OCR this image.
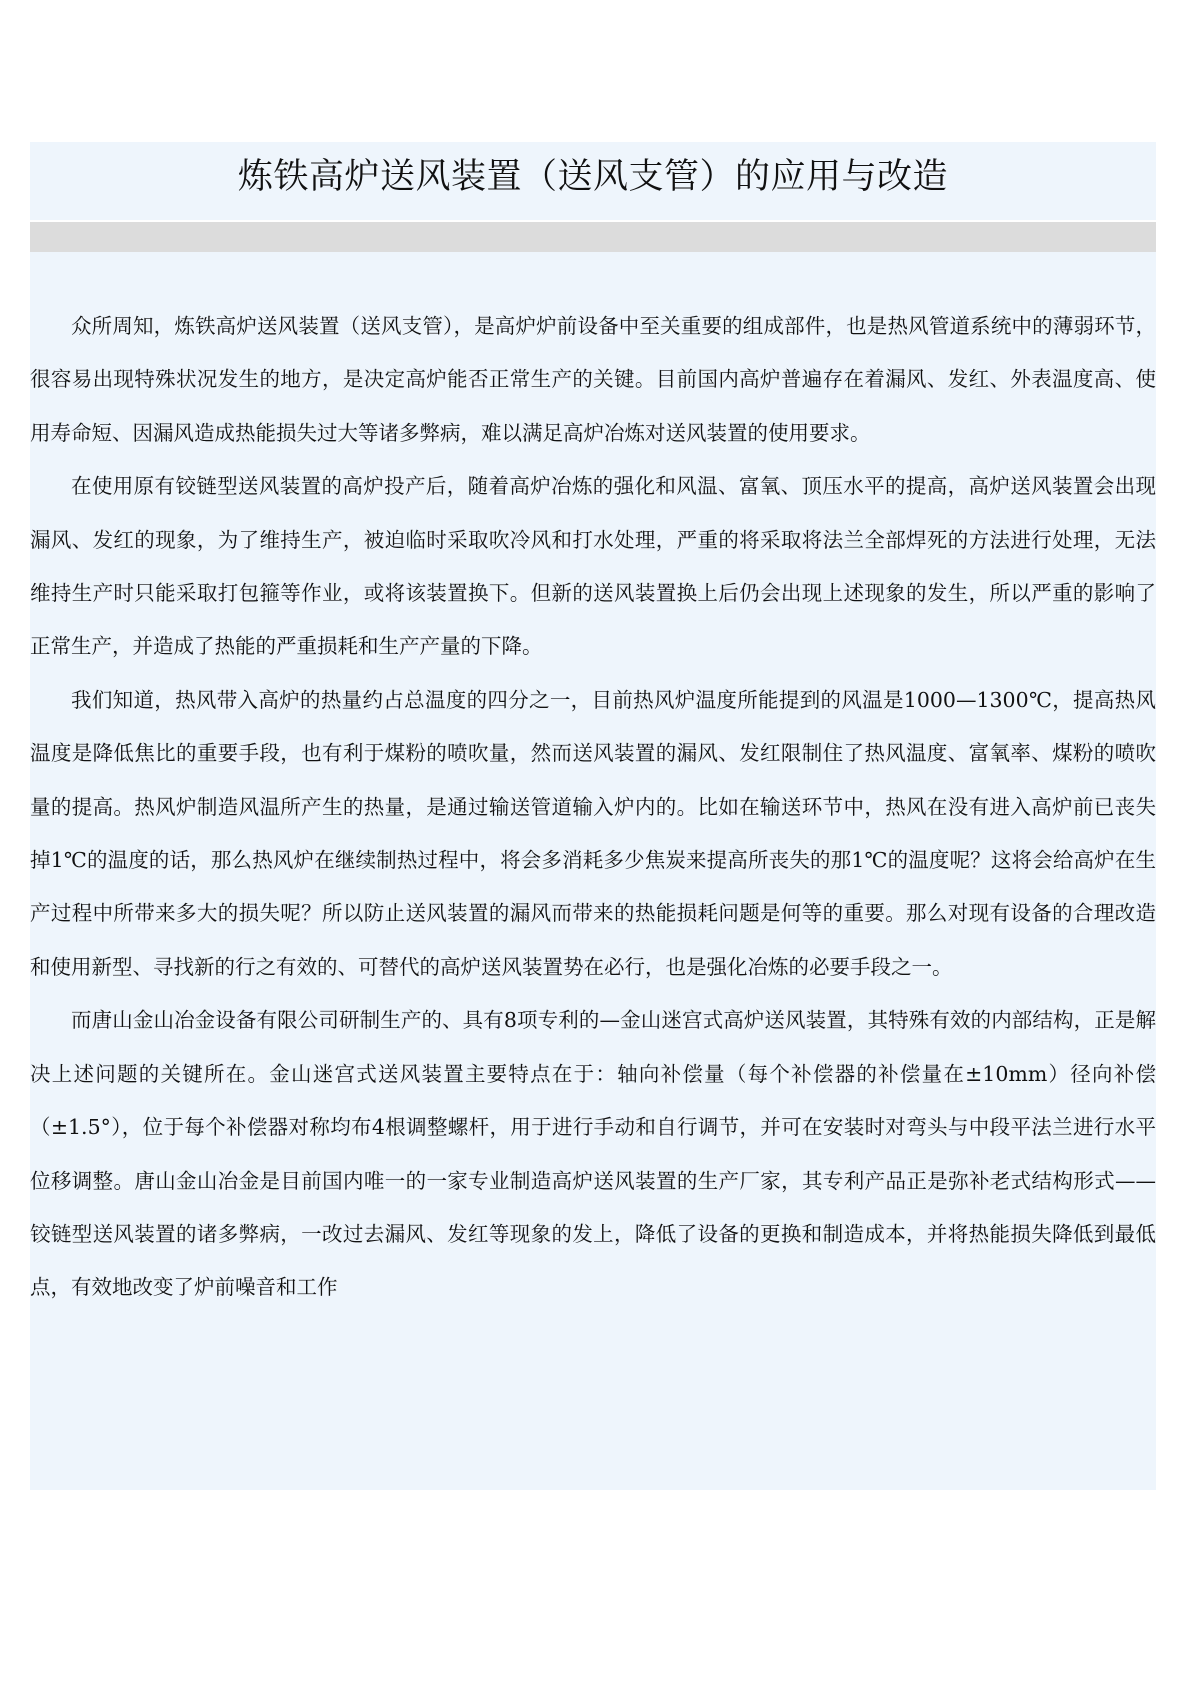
炼铁高炉送风装置（送风支管）的应用与改造

众所周知，炼铁高炉送风装置（送风支管），是高炉炉前设备中至关重要的组成部件，也是热风管道系统中的薄弱环节，很容易出现特殊状况发生的地方，是决定高炉能否正常生产的关键。目前国内高炉普遍存在着漏风、发红、外表温度高、使用寿命短、因漏风造成热能损失过大等诸多弊病，难以满足高炉冶炼对送风装置的使用要求。

在使用原有铰链型送风装置的高炉投产后，随着高炉冶炼的强化和风温、富氧、顶压水平的提高，高炉送风装置会出现漏风、发红的现象，为了维持生产，被迫临时采取吹冷风和打水处理，严重的将采取将法兰全部焊死的方法进行处理，无法维持生产时只能采取打包箍等作业，或将该装置换下。但新的送风装置换上后仍会出现上述现象的发生，所以严重的影响了正常生产，并造成了热能的严重损耗和生产产量的下降。

我们知道，热风带入高炉的热量约占总温度的四分之一，目前热风炉温度所能提到的风温是1000—1300℃，提高热风温度是降低焦比的重要手段，也有利于煤粉的喷吹量，然而送风装置的漏风、发红限制住了热风温度、富氧率、煤粉的喷吹量的提高。热风炉制造风温所产生的热量，是通过输送管道输入炉内的。比如在输送环节中，热风在没有进入高炉前已丧失掉1℃的温度的话，那么热风炉在继续制热过程中，将会多消耗多少焦炭来提高所丧失的那1℃的温度呢？这将会给高炉在生产过程中所带来多大的损失呢？所以防止送风装置的漏风而带来的热能损耗问题是何等的重要。那么对现有设备的合理改造和使用新型、寻找新的行之有效的、可替代的高炉送风装置势在必行，也是强化冶炼的必要手段之一。

而唐山金山冶金设备有限公司研制生产的、具有8项专利的—金山迷宫式高炉送风装置，其特殊有效的内部结构，正是解决上述问题的关键所在。金山迷宫式送风装置主要特点在于：轴向补偿量（每个补偿器的补偿量在±10mm）径向补偿（±1.5°），位于每个补偿器对称均布4根调整螺杆，用于进行手动和自行调节，并可在安装时对弯头与中段平法兰进行水平位移调整。唐山金山冶金是目前国内唯一的一家专业制造高炉送风装置的生产厂家，其专利产品正是弥补老式结构形式——铰链型送风装置的诸多弊病，一改过去漏风、发红等现象的发上，降低了设备的更换和制造成本，并将热能损失降低到最低点，有效地改变了炉前噪音和工作
